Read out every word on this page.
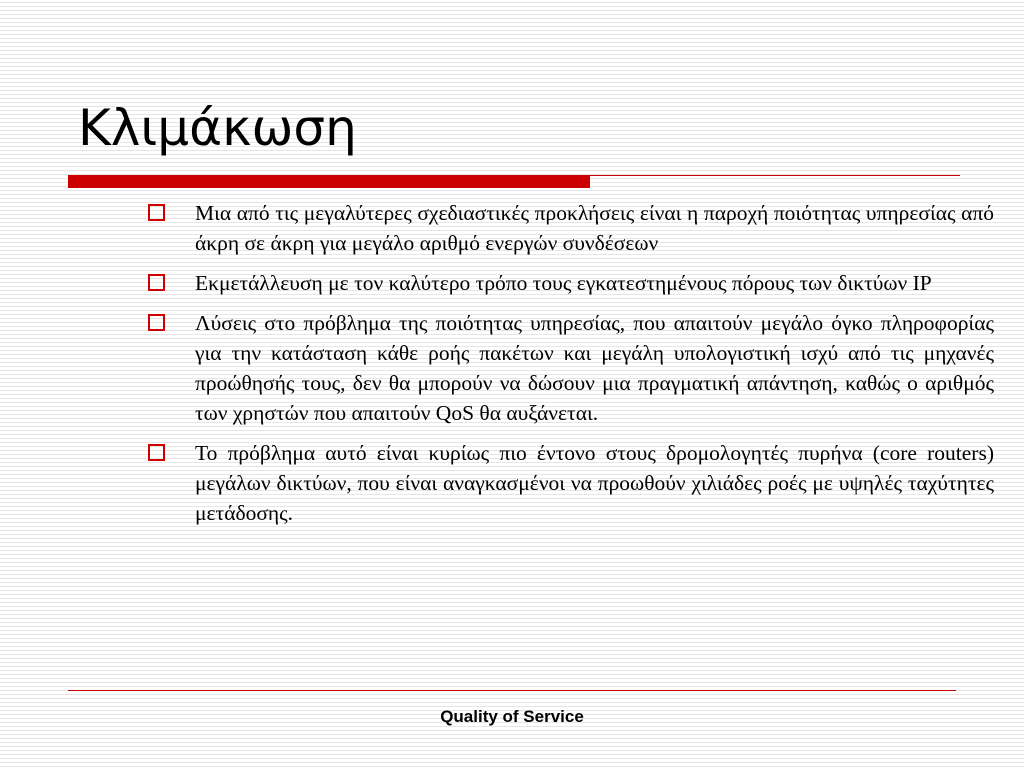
Κλιμάκωση
Μια από τις μεγαλύτερες σχεδιαστικές προκλήσεις είναι η παροχή ποιότητας υπηρεσίας από άκρη σε άκρη για μεγάλο αριθμό ενεργών συνδέσεων
Εκμετάλλευση με τον καλύτερο τρόπο τους εγκατεστημένους πόρους των δικτύων IP
Λύσεις στο πρόβλημα της ποιότητας υπηρεσίας, που απαιτούν μεγάλο όγκο πληροφορίας για την κατάσταση κάθε ροής πακέτων και μεγάλη υπολογιστική ισχύ από τις μηχανές προώθησής τους, δεν θα μπορούν να δώσουν μια πραγματική απάντηση, καθώς ο αριθμός των χρηστών που απαιτούν QoS θα αυξάνεται.
Το πρόβλημα αυτό είναι κυρίως πιο έντονο στους δρομολογητές πυρήνα (core routers) μεγάλων δικτύων, που είναι αναγκασμένοι να προωθούν χιλιάδες ροές με υψηλές ταχύτητες μετάδοσης.
Quality of Service
